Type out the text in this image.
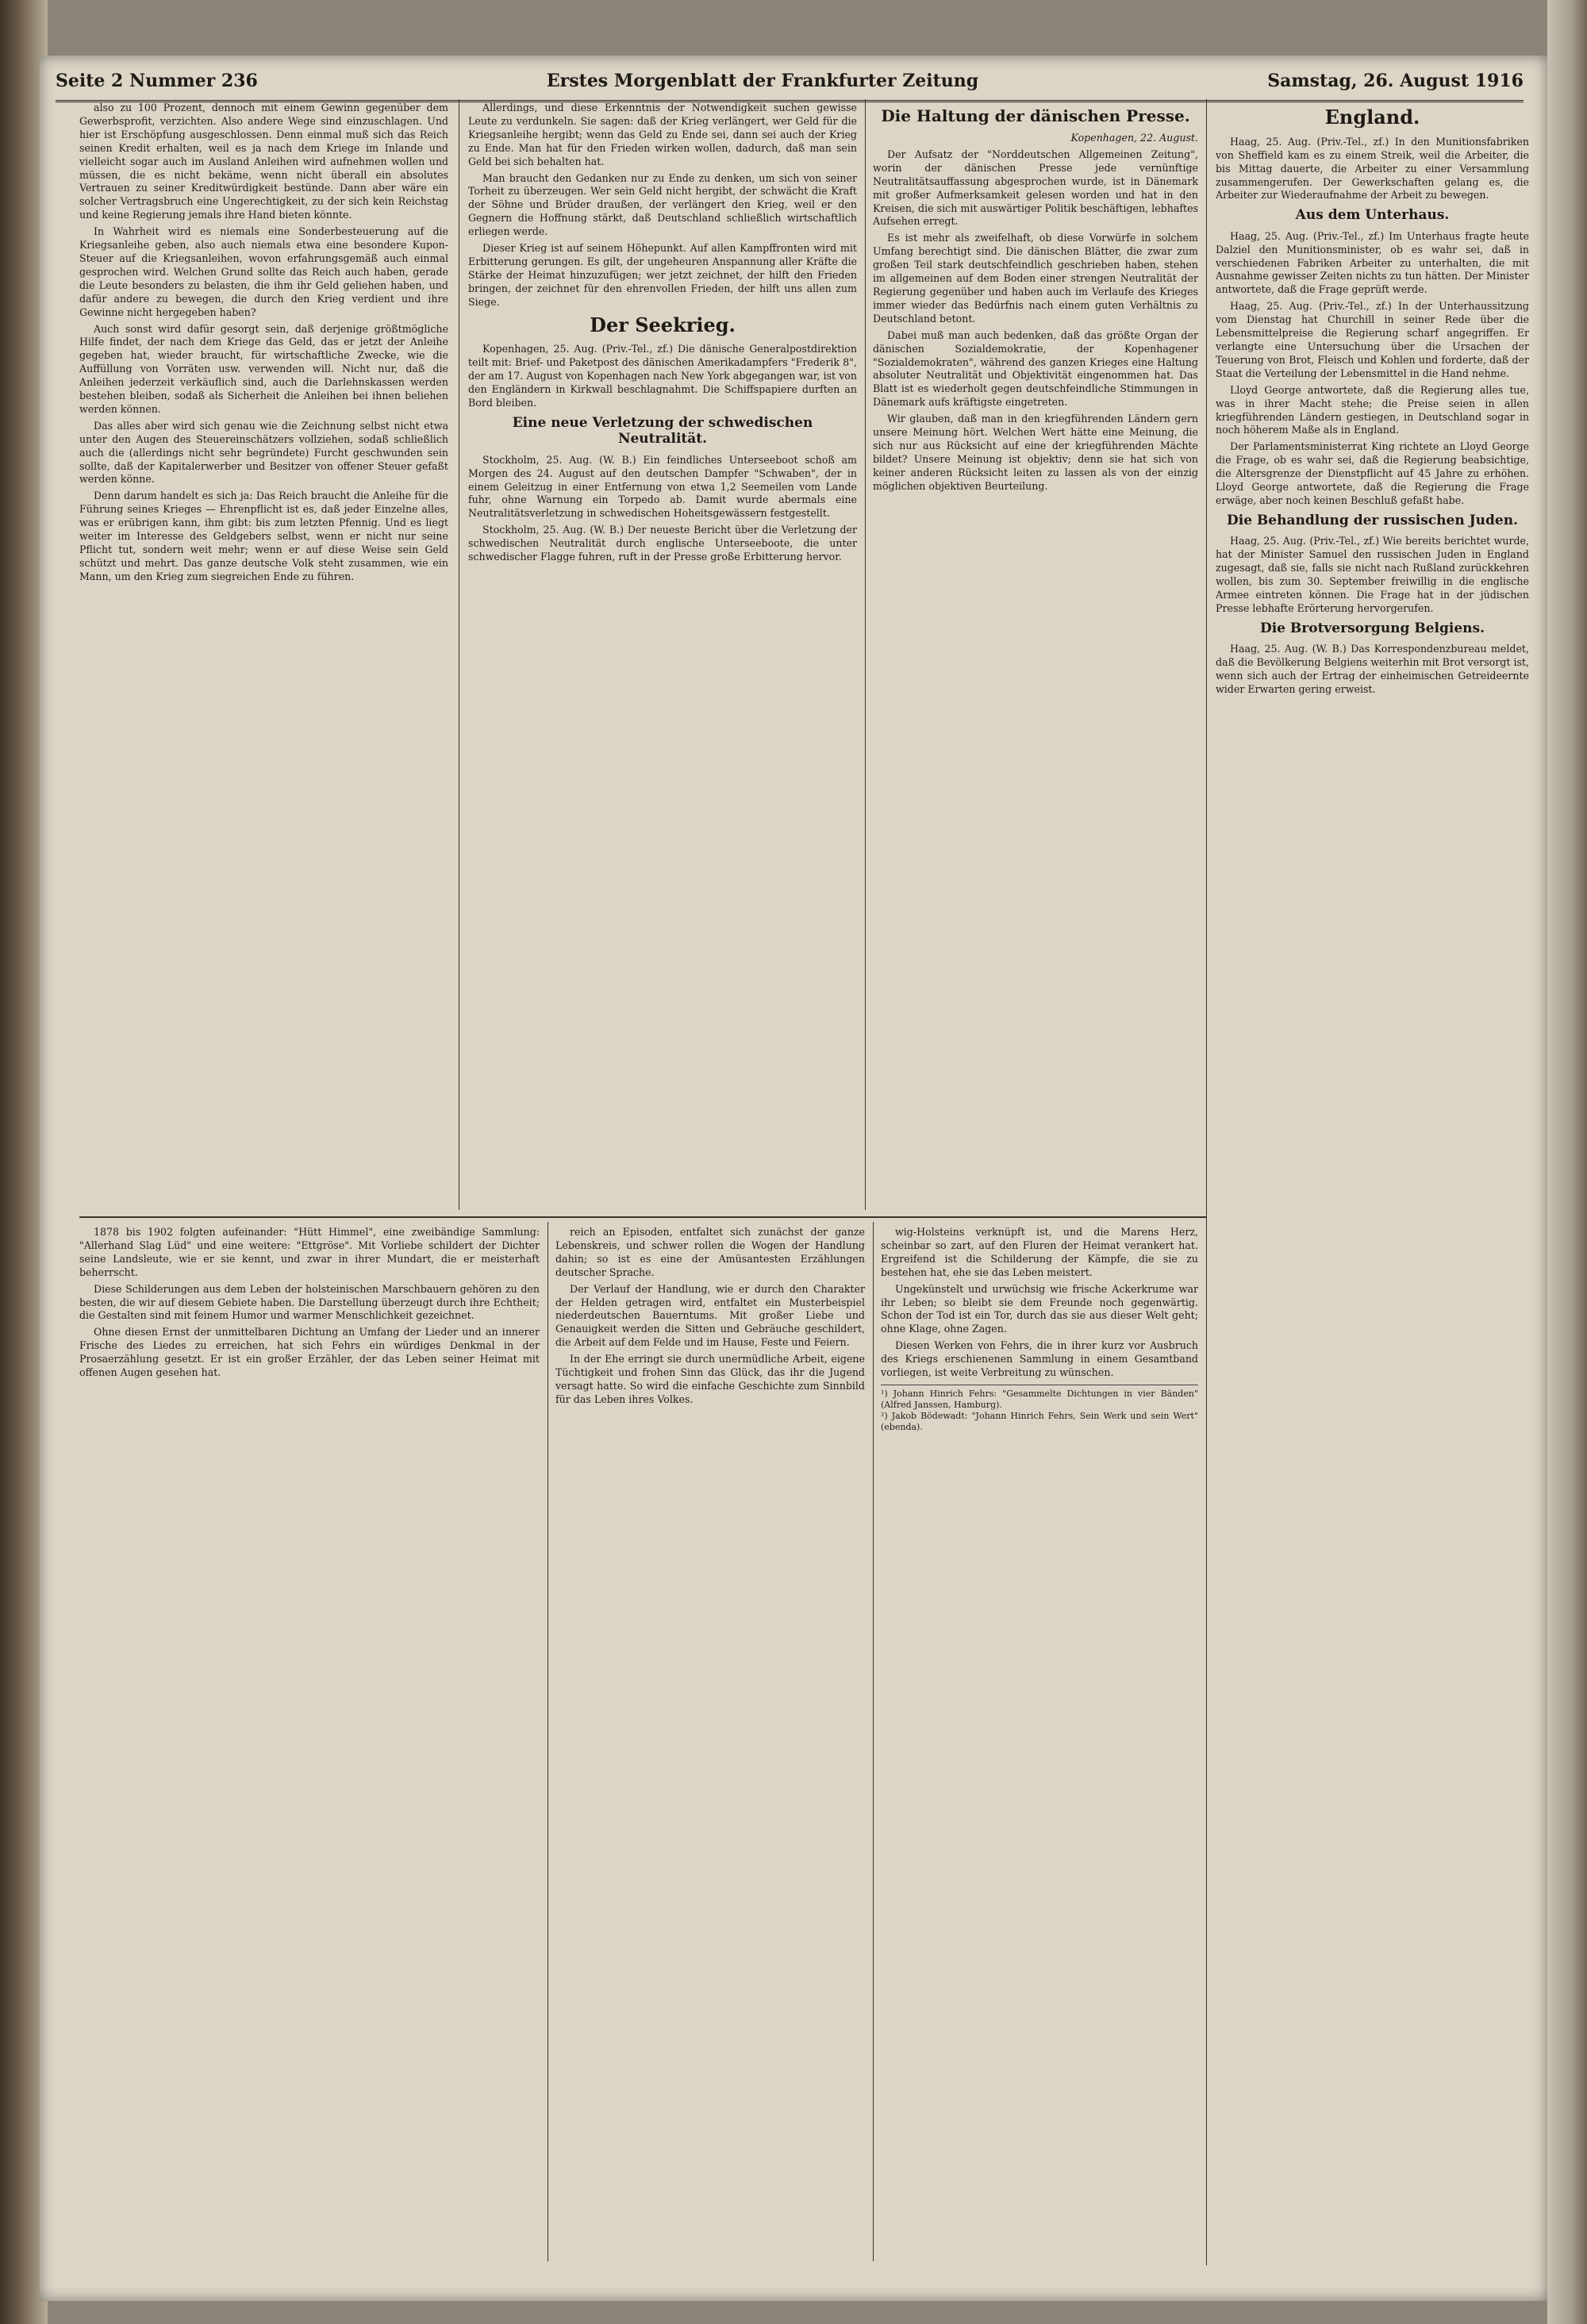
Seite 2 Nummer 236	Erstes Morgenblatt der Frankfurter Zeitung	Samstag, 26. August 1916

also zu 100 Prozent, dennoch mit einem Gewinn gegenüber dem Gewerbsprofit, verzichten. Also andere Wege sind einzuschlagen. Und hier ist Erschöpfung ausgeschlossen. Denn einmal muß sich das Reich seinen Kredit erhalten, weil es ja nach dem Kriege im Inlande und vielleicht sogar auch im Ausland Anleihen wird aufnehmen wollen und müssen, die es nicht bekäme, wenn nicht überall ein absolutes Vertrauen zu seiner Kreditwürdigkeit bestünde. Dann aber wäre ein solcher Vertragsbruch eine Ungerechtigkeit, zu der sich kein Reichstag und keine Regierung jemals ihre Hand bieten könnte.

In Wahrheit wird es niemals eine Sonderbesteuerung auf die Kriegsanleihe geben, also auch niemals etwa eine besondere Kupon-Steuer auf die Kriegsanleihen, wovon erfahrungsgemäß auch einmal gesprochen wird. Welchen Grund sollte das Reich auch haben, gerade die Leute besonders zu belasten, die ihm ihr Geld geliehen haben, und dafür andere zu bewegen, die durch den Krieg verdient und ihre Gewinne nicht hergegeben haben?

Auch sonst wird dafür gesorgt sein, daß derjenige größtmögliche Hilfe findet, der nach dem Kriege das Geld, das er jetzt der Anleihe gegeben hat, wieder braucht, für wirtschaftliche Zwecke, wie die Auffüllung von Vorräten usw. verwenden will. Nicht nur, daß die Anleihen jederzeit verkäuflich sind, auch die Darlehnskassen werden bestehen bleiben, sodaß als Sicherheit die Anleihen bei ihnen beliehen werden können.

Das alles aber wird sich genau wie die Zeichnung selbst nicht etwa unter den Augen des Steuereinschätzers vollziehen, sodaß schließlich auch die (allerdings nicht sehr begründete) Furcht geschwunden sein sollte, daß der Kapitalerwerber und Besitzer von offener Steuer gefaßt werden könne.

Denn darum handelt es sich ja: Das Reich braucht die Anleihe für die Führung seines Krieges — Ehrenpflicht ist es, daß jeder Einzelne alles, was er erübrigen kann, ihm gibt: bis zum letzten Pfennig. Und es liegt weiter im Interesse des Geldgebers selbst, wenn er nicht nur seine Pflicht tut, sondern weit mehr; wenn er auf diese Weise sein Geld schützt und mehrt. Das ganze deutsche Volk steht zusammen, wie ein Mann, um den Krieg zum siegreichen Ende zu führen.

Allerdings, und diese Erkenntnis der Notwendigkeit suchen gewisse Leute zu verdunkeln. Sie sagen: daß der Krieg verlängert, wer Geld für die Kriegsanleihe hergibt; wenn das Geld zu Ende sei, dann sei auch der Krieg zu Ende. Man hat für den Frieden wirken wollen, dadurch, daß man sein Geld bei sich behalten hat.

Man braucht den Gedanken nur zu Ende zu denken, um sich von seiner Torheit zu überzeugen. Wer sein Geld nicht hergibt, der schwächt die Kraft der Söhne und Brüder draußen, der verlängert den Krieg, weil er den Gegnern die Hoffnung stärkt, daß Deutschland schließlich wirtschaftlich erliegen werde.

Dieser Krieg ist auf seinem Höhepunkt. Auf allen Kampffronten wird mit Erbitterung gerungen. Es gilt, der ungeheuren Anspannung aller Kräfte die Stärke der Heimat hinzuzufügen; wer jetzt zeichnet, der hilft den Frieden bringen, der zeichnet für den ehrenvollen Frieden, der hilft uns allen zum Siege.

Der Seekrieg.

Kopenhagen, 25. Aug. (Priv.-Tel., zf.) Die dänische Generalpostdirektion teilt mit: Brief- und Paketpost des dänischen Amerikadampfers "Frederik 8", der am 17. August von Kopenhagen nach New York abgegangen war, ist von den Engländern in Kirkwall beschlagnahmt. Die Schiffspapiere durften an Bord bleiben.

Eine neue Verletzung der schwedischen Neutralität.

Stockholm, 25. Aug. (W. B.) Ein feindliches Unterseeboot schoß am Morgen des 24. August auf den deutschen Dampfer "Schwaben", der in einem Geleitzug in einer Entfernung von etwa 1,2 Seemeilen vom Lande fuhr, ohne Warnung ein Torpedo ab. Damit wurde abermals eine Neutralitätsverletzung in schwedischen Hoheitsgewässern festgestellt.

Stockholm, 25. Aug. (W. B.) Der neueste Bericht über die Verletzung der schwedischen Neutralität durch englische Unterseeboote, die unter schwedischer Flagge fuhren, ruft in der Presse große Erbitterung hervor.

Die Haltung der dänischen Presse.

Kopenhagen, 22. August.

Der Aufsatz der "Norddeutschen Allgemeinen Zeitung", worin der dänischen Presse jede vernünftige Neutralitätsauffassung abgesprochen wurde, ist in Dänemark mit großer Aufmerksamkeit gelesen worden und hat in den Kreisen, die sich mit auswärtiger Politik beschäftigen, lebhaftes Aufsehen erregt.

Es ist mehr als zweifelhaft, ob diese Vorwürfe in solchem Umfang berechtigt sind. Die dänischen Blätter, die zwar zum großen Teil stark deutschfeindlich geschrieben haben, stehen im allgemeinen auf dem Boden einer strengen Neutralität der Regierung gegenüber und haben auch im Verlaufe des Krieges immer wieder das Bedürfnis nach einem guten Verhältnis zu Deutschland betont.

Dabei muß man auch bedenken, daß das größte Organ der dänischen Sozialdemokratie, der Kopenhagener "Sozialdemokraten", während des ganzen Krieges eine Haltung absoluter Neutralität und Objektivität eingenommen hat. Das Blatt ist es wiederholt gegen deutschfeindliche Stimmungen in Dänemark aufs kräftigste eingetreten.

Wir glauben, daß man in den kriegführenden Ländern gern unsere Meinung hört. Welchen Wert hätte eine Meinung, die sich nur aus Rücksicht auf eine der kriegführenden Mächte bildet? Unsere Meinung ist objektiv; denn sie hat sich von keiner anderen Rücksicht leiten zu lassen als von der einzig möglichen objektiven Beurteilung.

England.

Haag, 25. Aug. (Priv.-Tel., zf.) In den Munitionsfabriken von Sheffield kam es zu einem Streik, weil die Arbeiter, die bis Mittag dauerte, die Arbeiter zu einer Versammlung zusammengerufen. Der Gewerkschaften gelang es, die Arbeiter zur Wiederaufnahme der Arbeit zu bewegen.

Aus dem Unterhaus.

Haag, 25. Aug. (Priv.-Tel., zf.) Im Unterhaus fragte heute Dalziel den Munitionsminister, ob es wahr sei, daß in verschiedenen Fabriken Arbeiter zu unterhalten, die mit Ausnahme gewisser Zeiten nichts zu tun hätten. Der Minister antwortete, daß die Frage geprüft werde.

Haag, 25. Aug. (Priv.-Tel., zf.) In der Unterhaussitzung vom Dienstag hat Churchill in seiner Rede über die Lebensmittelpreise die Regierung scharf angegriffen. Er verlangte eine Untersuchung über die Ursachen der Teuerung von Brot, Fleisch und Kohlen und forderte, daß der Staat die Verteilung der Lebensmittel in die Hand nehme.

Lloyd George antwortete, daß die Regierung alles tue, was in ihrer Macht stehe; die Preise seien in allen kriegführenden Ländern gestiegen, in Deutschland sogar in noch höherem Maße als in England.

Der Parlamentsministerrat King richtete an Lloyd George die Frage, ob es wahr sei, daß die Regierung beabsichtige, die Altersgrenze der Dienstpflicht auf 45 Jahre zu erhöhen. Lloyd George antwortete, daß die Regierung die Frage erwäge, aber noch keinen Beschluß gefaßt habe.

Die Behandlung der russischen Juden.

Haag, 25. Aug. (Priv.-Tel., zf.) Wie bereits berichtet wurde, hat der Minister Samuel den russischen Juden in England zugesagt, daß sie, falls sie nicht nach Rußland zurückkehren wollen, bis zum 30. September freiwillig in die englische Armee eintreten können. Die Frage hat in der jüdischen Presse lebhafte Erörterung hervorgerufen.

Die Brotversorgung Belgiens.

Haag, 25. Aug. (W. B.) Das Korrespondenzbureau meldet, daß die Bevölkerung Belgiens weiterhin mit Brot versorgt ist, wenn sich auch der Ertrag der einheimischen Getreideernte wider Erwarten gering erweist.

1878 bis 1902 folgten aufeinander: "Hütt Himmel", eine zweibändige Sammlung: "Allerhand Slag Lüd" und eine weitere: "Ettgröse". Mit Vorliebe schildert der Dichter seine Landsleute, wie er sie kennt, und zwar in ihrer Mundart, die er meisterhaft beherrscht.

Diese Schilderungen aus dem Leben der holsteinischen Marschbauern gehören zu den besten, die wir auf diesem Gebiete haben. Die Darstellung überzeugt durch ihre Echtheit; die Gestalten sind mit feinem Humor und warmer Menschlichkeit gezeichnet.

Ohne diesen Ernst der unmittelbaren Dichtung an Umfang der Lieder und an innerer Frische des Liedes zu erreichen, hat sich Fehrs ein würdiges Denkmal in der Prosaerzählung gesetzt. Er ist ein großer Erzähler, der das Leben seiner Heimat mit offenen Augen gesehen hat.

reich an Episoden, entfaltet sich zunächst der ganze Lebenskreis, und schwer rollen die Wogen der Handlung dahin; so ist es eine der Amüsantesten Erzählungen deutscher Sprache.

Der Verlauf der Handlung, wie er durch den Charakter der Helden getragen wird, entfaltet ein Musterbeispiel niederdeutschen Bauerntums. Mit großer Liebe und Genauigkeit werden die Sitten und Gebräuche geschildert, die Arbeit auf dem Felde und im Hause, Feste und Feiern.

In der Ehe erringt sie durch unermüdliche Arbeit, eigene Tüchtigkeit und frohen Sinn das Glück, das ihr die Jugend versagt hatte. So wird die einfache Geschichte zum Sinnbild für das Leben ihres Volkes.

wig-Holsteins verknüpft ist, und die Marens Herz, scheinbar so zart, auf den Fluren der Heimat verankert hat. Ergreifend ist die Schilderung der Kämpfe, die sie zu bestehen hat, ehe sie das Leben meistert.

Ungekünstelt und urwüchsig wie frische Ackerkrume war ihr Leben; so bleibt sie dem Freunde noch gegenwärtig. Schon der Tod ist ein Tor, durch das sie aus dieser Welt geht; ohne Klage, ohne Zagen.

Diesen Werken von Fehrs, die in ihrer kurz vor Ausbruch des Kriegs erschienenen Sammlung in einem Gesamtband vorliegen, ist weite Verbreitung zu wünschen.

¹) Johann Hinrich Fehrs: "Gesammelte Dichtungen in vier Bänden" (Alfred Janssen, Hamburg).
²) Jakob Bödewadt: "Johann Hinrich Fehrs, Sein Werk und sein Wert" (ebenda).
